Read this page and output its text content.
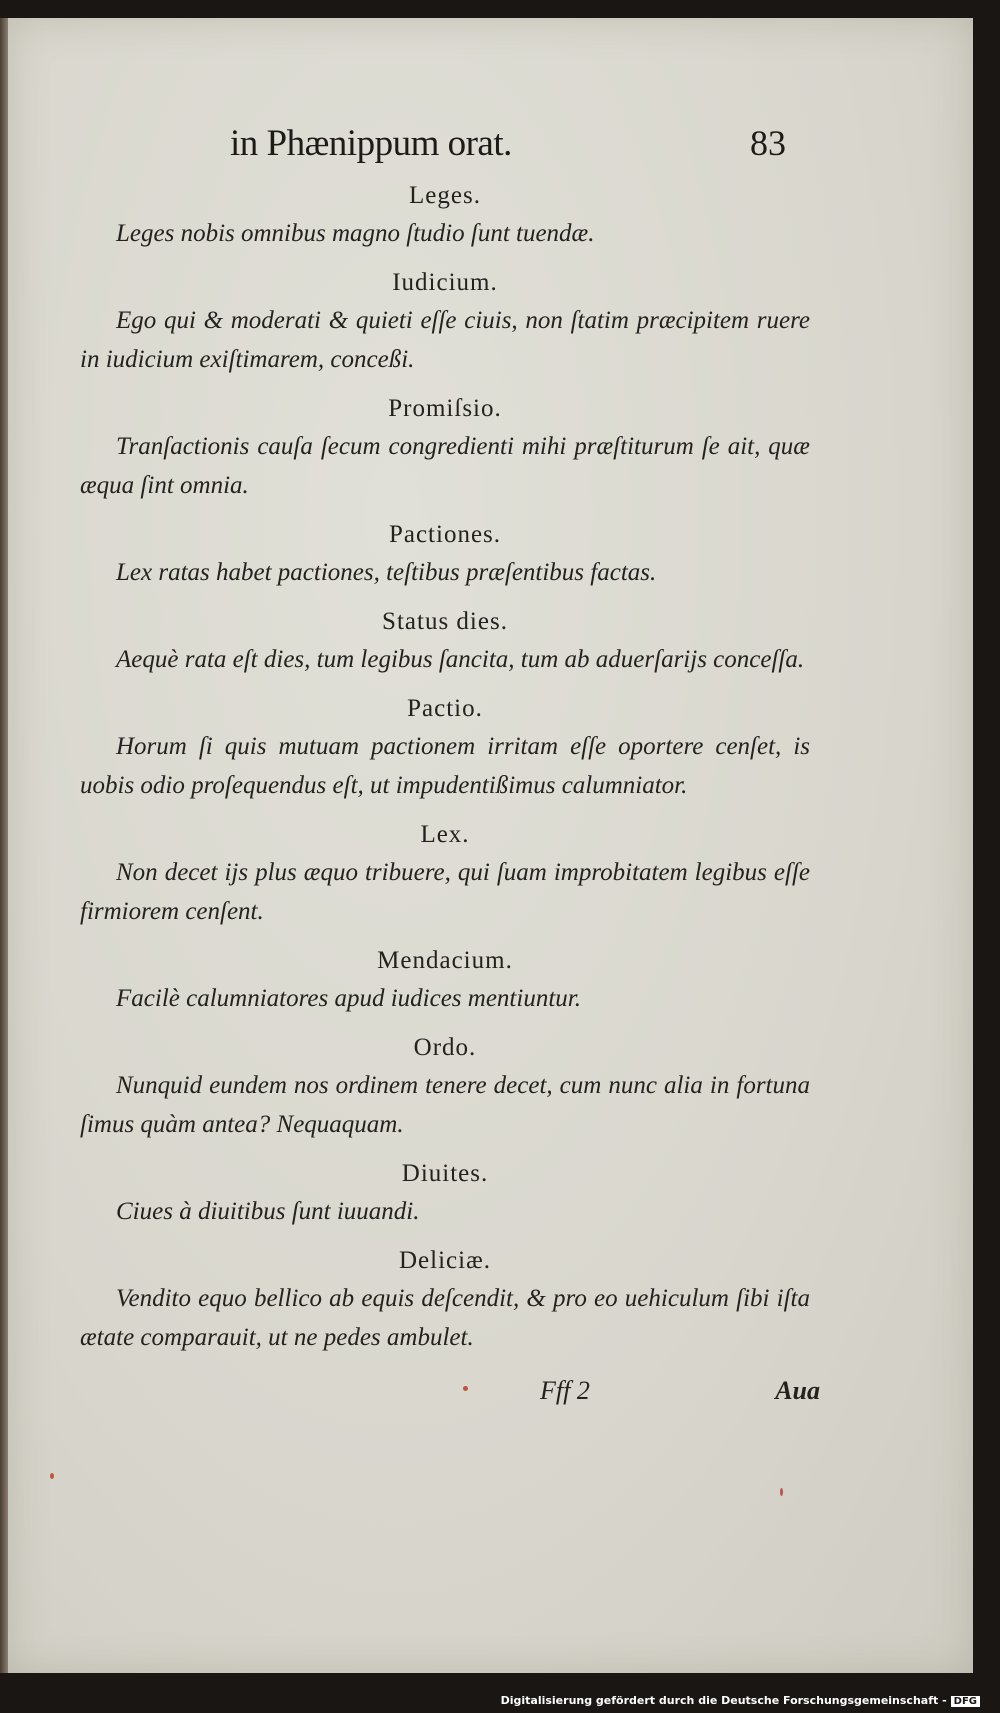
in Phænippum orat.	83
Leges.

Leges nobis omnibus magno ſtudio ſunt tuendæ.

Iudicium.

Ego qui & moderati & quieti eſſe ciuis, non ſtatim præcipitem ruere in iudicium exiſtimarem, conceßi.

Promiſsio.

Tranſactionis cauſa ſecum congredienti mihi præſtiturum ſe ait, quæ æqua ſint omnia.

Pactiones.

Lex ratas habet pactiones, teſtibus præſentibus factas.

Status dies.

Aequè rata eſt dies, tum legibus ſancita, tum ab aduerſarijs conceſſa.

Pactio.

Horum ſi quis mutuam pactionem irritam eſſe oportere cenſet, is uobis odio proſequendus eſt, ut impudentißimus calumniator.

Lex.

Non decet ijs plus æquo tribuere, qui ſuam improbitatem legibus eſſe firmiorem cenſent.

Mendacium.

Facilè calumniatores apud iudices mentiuntur.

Ordo.

Nunquid eundem nos ordinem tenere decet, cum nunc alia in fortuna ſimus quàm antea? Nequaquam.

Diuites.

Ciues à diuitibus ſunt iuuandi.

Deliciæ.

Vendito equo bellico ab equis deſcendit, & pro eo uehiculum ſibi iſta ætate comparauit, ut ne pedes ambulet.

Fff 2	Aua
Digitalisierung gefördert durch die Deutsche Forschungsgemeinschaft - DFG
